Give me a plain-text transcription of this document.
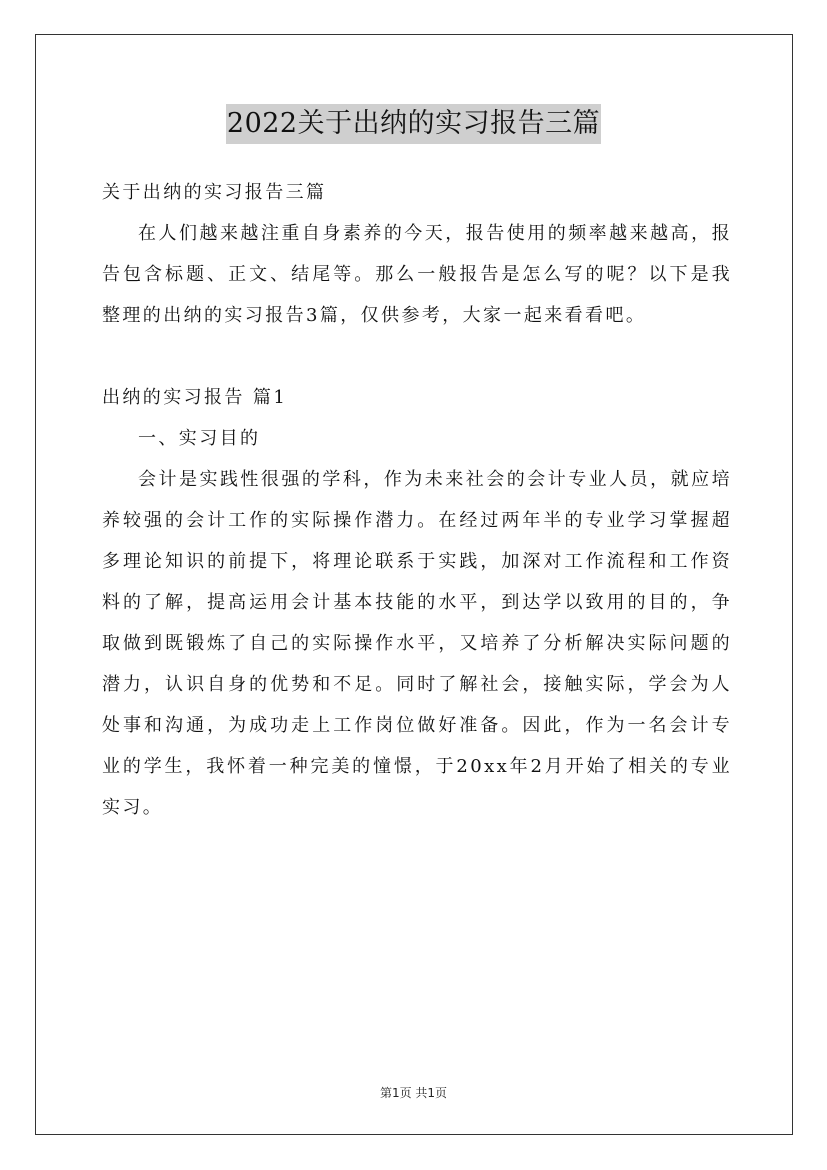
2022关于出纳的实习报告三篇

关于出纳的实习报告三篇

在人们越来越注重自身素养的今天，报告使用的频率越来越高，报告包含标题、正文、结尾等。那么一般报告是怎么写的呢？以下是我整理的出纳的实习报告3篇，仅供参考，大家一起来看看吧。

出纳的实习报告 篇1

一、实习目的

会计是实践性很强的学科，作为未来社会的会计专业人员，就应培养较强的会计工作的实际操作潜力。在经过两年半的专业学习掌握超多理论知识的前提下，将理论联系于实践，加深对工作流程和工作资料的了解，提高运用会计基本技能的水平，到达学以致用的目的，争取做到既锻炼了自己的实际操作水平，又培养了分析解决实际问题的潜力，认识自身的优势和不足。同时了解社会，接触实际，学会为人处事和沟通，为成功走上工作岗位做好准备。因此，作为一名会计专业的学生，我怀着一种完美的憧憬，于20xx年2月开始了相关的专业实习。

第1页 共1页
